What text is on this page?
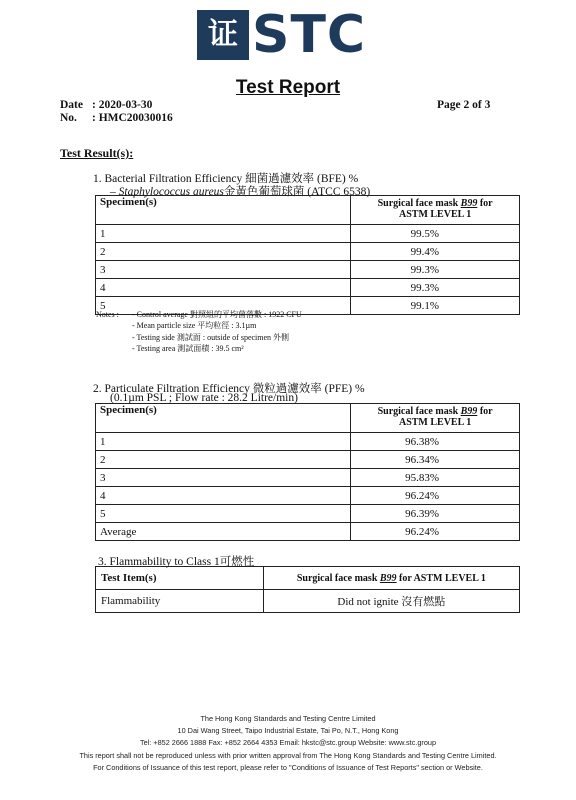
证 STC
Test Report
Date : 2020-03-30
No. : HMC20030016
Page 2 of 3
Test Result(s):
1. Bacterial Filtration Efficiency 細菌過濾效率 (BFE) %
– Staphylococcus aureus金黃色葡萄球菌 (ATCC 6538)
Specimen(s)	Surgical face mask B99 for
ASTM LEVEL 1
1	99.5%
2	99.4%
3	99.3%
4	99.3%
5	99.1%
Notes : - Control average 對照組的平均菌落數 : 1922 CFU
- Mean particle size 平均粒徑 : 3.1µm
- Testing side 測試面 : outside of specimen 外側
- Testing area 測試面積 : 39.5 cm²
2. Particulate Filtration Efficiency 微粒過濾效率 (PFE) %
(0.1µm PSL ; Flow rate : 28.2 Litre/min)
Specimen(s)	Surgical face mask B99 for
ASTM LEVEL 1
1	96.38%
2	96.34%
3	95.83%
4	96.24%
5	96.39%
Average	96.24%
3. Flammability to Class 1可燃性
Test Item(s)	Surgical face mask B99 for ASTM LEVEL 1
Flammability	Did not ignite 沒有燃點
The Hong Kong Standards and Testing Centre Limited
10 Dai Wang Street, Taipo Industrial Estate, Tai Po, N.T., Hong Kong
Tel: +852 2666 1888 Fax: +852 2664 4353 Email: hkstc@stc.group Website: www.stc.group
This report shall not be reproduced unless with prior written approval from The Hong Kong Standards and Testing Centre Limited.
For Conditions of Issuance of this test report, please refer to "Conditions of Issuance of Test Reports" section or Website.
